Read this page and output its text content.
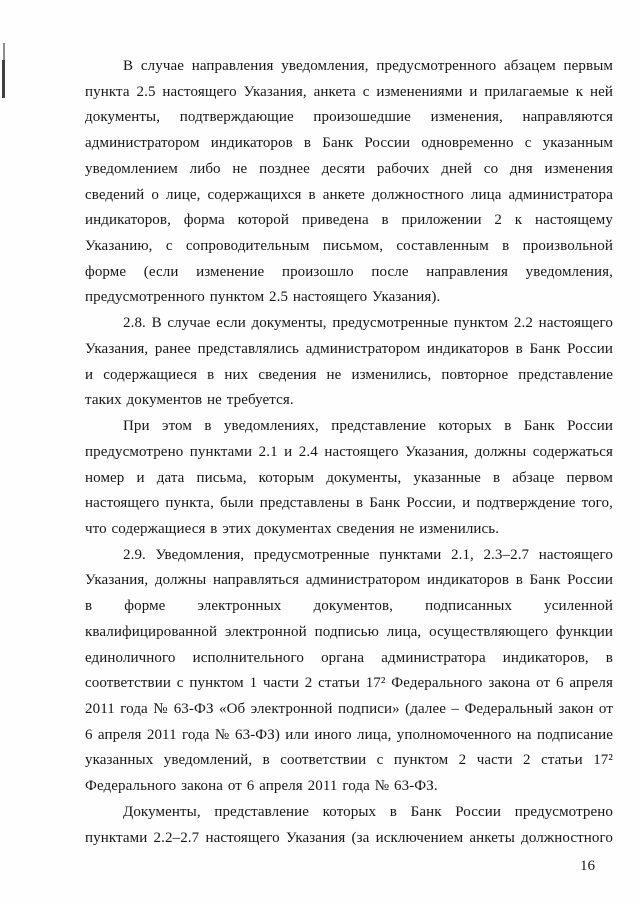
В случае направления уведомления, предусмотренного абзацем первым
пункта 2.5 настоящего Указания, анкета с изменениями и прилагаемые к ней
документы, подтверждающие произошедшие изменения, направляются
администратором индикаторов в Банк России одновременно с указанным
уведомлением либо не позднее десяти рабочих дней со дня изменения
сведений о лице, содержащихся в анкете должностного лица администратора
индикаторов, форма которой приведена в приложении 2 к настоящему
Указанию, с сопроводительным письмом, составленным в произвольной
форме (если изменение произошло после направления уведомления,
предусмотренного пунктом 2.5 настоящего Указания).
2.8. В случае если документы, предусмотренные пунктом 2.2 настоящего
Указания, ранее представлялись администратором индикаторов в Банк России
и содержащиеся в них сведения не изменились, повторное представление
таких документов не требуется.
При этом в уведомлениях, представление которых в Банк России
предусмотрено пунктами 2.1 и 2.4 настоящего Указания, должны содержаться
номер и дата письма, которым документы, указанные в абзаце первом
настоящего пункта, были представлены в Банк России, и подтверждение того,
что содержащиеся в этих документах сведения не изменились.
2.9. Уведомления, предусмотренные пунктами 2.1, 2.3–2.7 настоящего
Указания, должны направляться администратором индикаторов в Банк России
в форме электронных документов, подписанных усиленной
квалифицированной электронной подписью лица, осуществляющего функции
единоличного исполнительного органа администратора индикаторов, в
соответствии с пунктом 1 части 2 статьи 17² Федерального закона от 6 апреля
2011 года № 63-ФЗ «Об электронной подписи» (далее – Федеральный закон от
6 апреля 2011 года № 63-ФЗ) или иного лица, уполномоченного на подписание
указанных уведомлений, в соответствии с пунктом 2 части 2 статьи 17²
Федерального закона от 6 апреля 2011 года № 63-ФЗ.
Документы, представление которых в Банк России предусмотрено
пунктами 2.2–2.7 настоящего Указания (за исключением анкеты должностного
16
